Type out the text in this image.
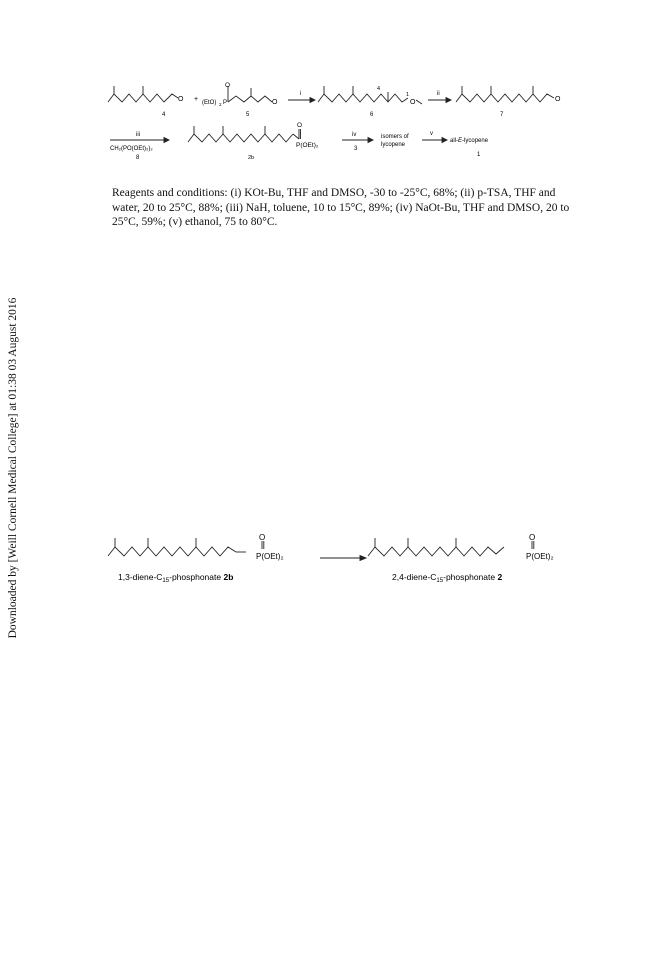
Downloaded by [Weill Cornell Medical College] at 01:38 03 August 2016
4
O + (EtO) 2 P
O
O
5
i
4
1
O
6
ii
O
7
iii
CH₂(PO(OEt)₂)₂
8
O
P(OEt)₂
2b
iv
3
isomers of
lycopene
v
all-E-lycopene
1

Reagents and conditions: (i) KOt-Bu, THF and DMSO, -30 to -25°C, 68%; (ii) p-TSA, THF and water, 20 to 25°C, 88%; (iii) NaH, toluene, 10 to 15°C, 89%; (iv) NaOt-Bu, THF and DMSO, 20 to 25°C, 59%; (v) ethanol, 75 to 80°C.

O
P(OEt)₂
O
P(OEt)₂
$1,3-diene-C_{15}$-phosphonate 2b	$2,4-diene-C_{15}$-phosphonate 2
